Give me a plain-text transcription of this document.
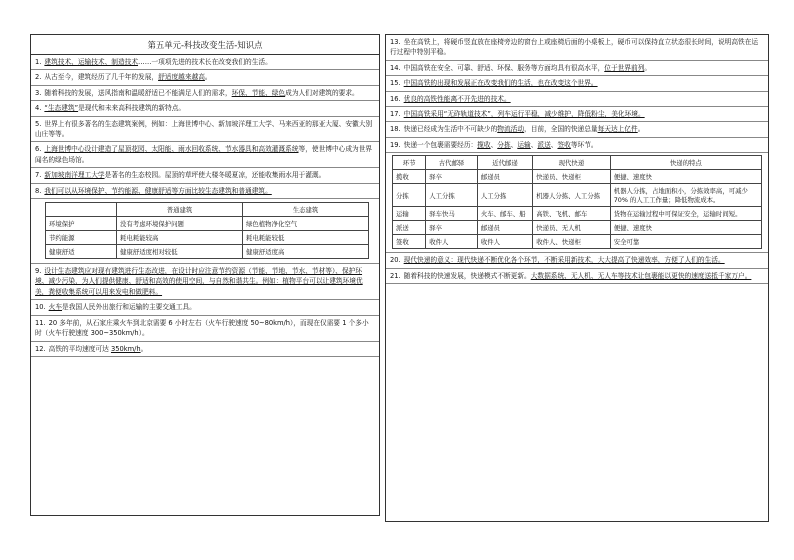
第五单元-科技改变生活-知识点
1. 建筑技术、运输技术、制造技术……一项项先进的技术长在改变我们的生活。
2. 从古至今，建筑经历了几千年的发展，舒适度越来越高。
3. 随着科技的发展，送风指南和温暖舒适已不能满足人们的需求，环保、节能、绿色成为人们对建筑的要求。
4. “生态建筑”是现代和未来高科技建筑的新特点。
5. 世界上有很多著名的生态建筑案例，例如：上海世博中心、新加坡洋理工大学、马来西亚的那亚大厦、安徽大别山庄等等。
6. 上海世博中心设计建造了屋顶花园、太阳能、雨水回收系统、节水器具和高效灌溉系统等，使世博中心成为世界闻名的绿色场馆。
7. 新加坡南洋理工大学是著名的生态校园。屋顶的草坪使大楼冬暖夏凉，还能收集雨水用于灌溉。
8. 我们可以从环境保护、节约能源、健康舒适等方面比较生态建筑和普通建筑。
	普通建筑	生态建筑
环境保护	没有考虑环境保护问题	绿色植物净化空气
节约能源	耗电耗能较高	耗电耗能较低
健康舒适	健康舒适度相对较低	健康舒适度高
9. 设计生态建筑应对现有建筑进行生态改进，在设计时应注意节约资源（节能、节地、节水、节材等）、保护环境、减少污染，为人们提供健康、舒适和高效的使用空间，与自然和谐共生。例如：植物平台可以让建筑环境优美，粪便收集系统可以用来发电和做肥料。
10. 火车是我国人民外出旅行和运输的主要交通工具。
11. 20 多年前，从石家庄乘火车到北京需要 6 小时左右（火车行驶速度 50~80km/h），而现在仅需要 1 个多小时（火车行驶速度 300~350km/h）。
12. 高铁的平均速度可达 350km/h。
13. 坐在高铁上，将硬币竖直放在座椅旁边的窗台上或座椅后面的小桌板上，硬币可以保持直立状态很长时间，说明高铁在运行过程中特别平稳。
14. 中国高铁在安全、可靠、舒适、环保、服务等方面均具有很高水平，位于世界前列。
15. 中国高铁的出现和发展正在改变我们的生活，也在改变这个世界。
16. 优良的高铁性能离不开先进的技术。
17. 中国高铁采用“无砟轨道技术”，列车运行平稳，减少维护，降低粉尘，美化环境。
18. 快递已经成为生活中不可缺少的物流活动，目前，全国的快递总量每天达上亿件。
19. 快递一个包裹需要经历：揽收、分拣、运输、派送、签收等环节。
环节	古代邮驿	近代邮递	现代快递	快递的特点
揽收	驿卒	邮递员	快递员、快递柜	便捷、速度快
分拣	人工分拣	人工分拣	机器人分拣、人工分拣	机器人分拣，占地面积小，分拣效率高，可减少 70% 的人工工作量；降低物流成本。
运输	驿车快马	火车、邮车、船	高铁、飞机、邮车	货物在运输过程中可保证安全，运输时间短。
派送	驿卒	邮递员	快递员、无人机	便捷、速度快
签收	收件人	收件人	收件人、快递柜	安全可靠
20. 现代快递的意义：现代快递不断优化各个环节，不断采用新技术，大大提高了快递效率，方便了人们的生活。
21. 随着科技的快速发展，快递模式不断更新。大数据系统、无人机、无人车等技术让包裹能以更快的速度送抵千家万户。
